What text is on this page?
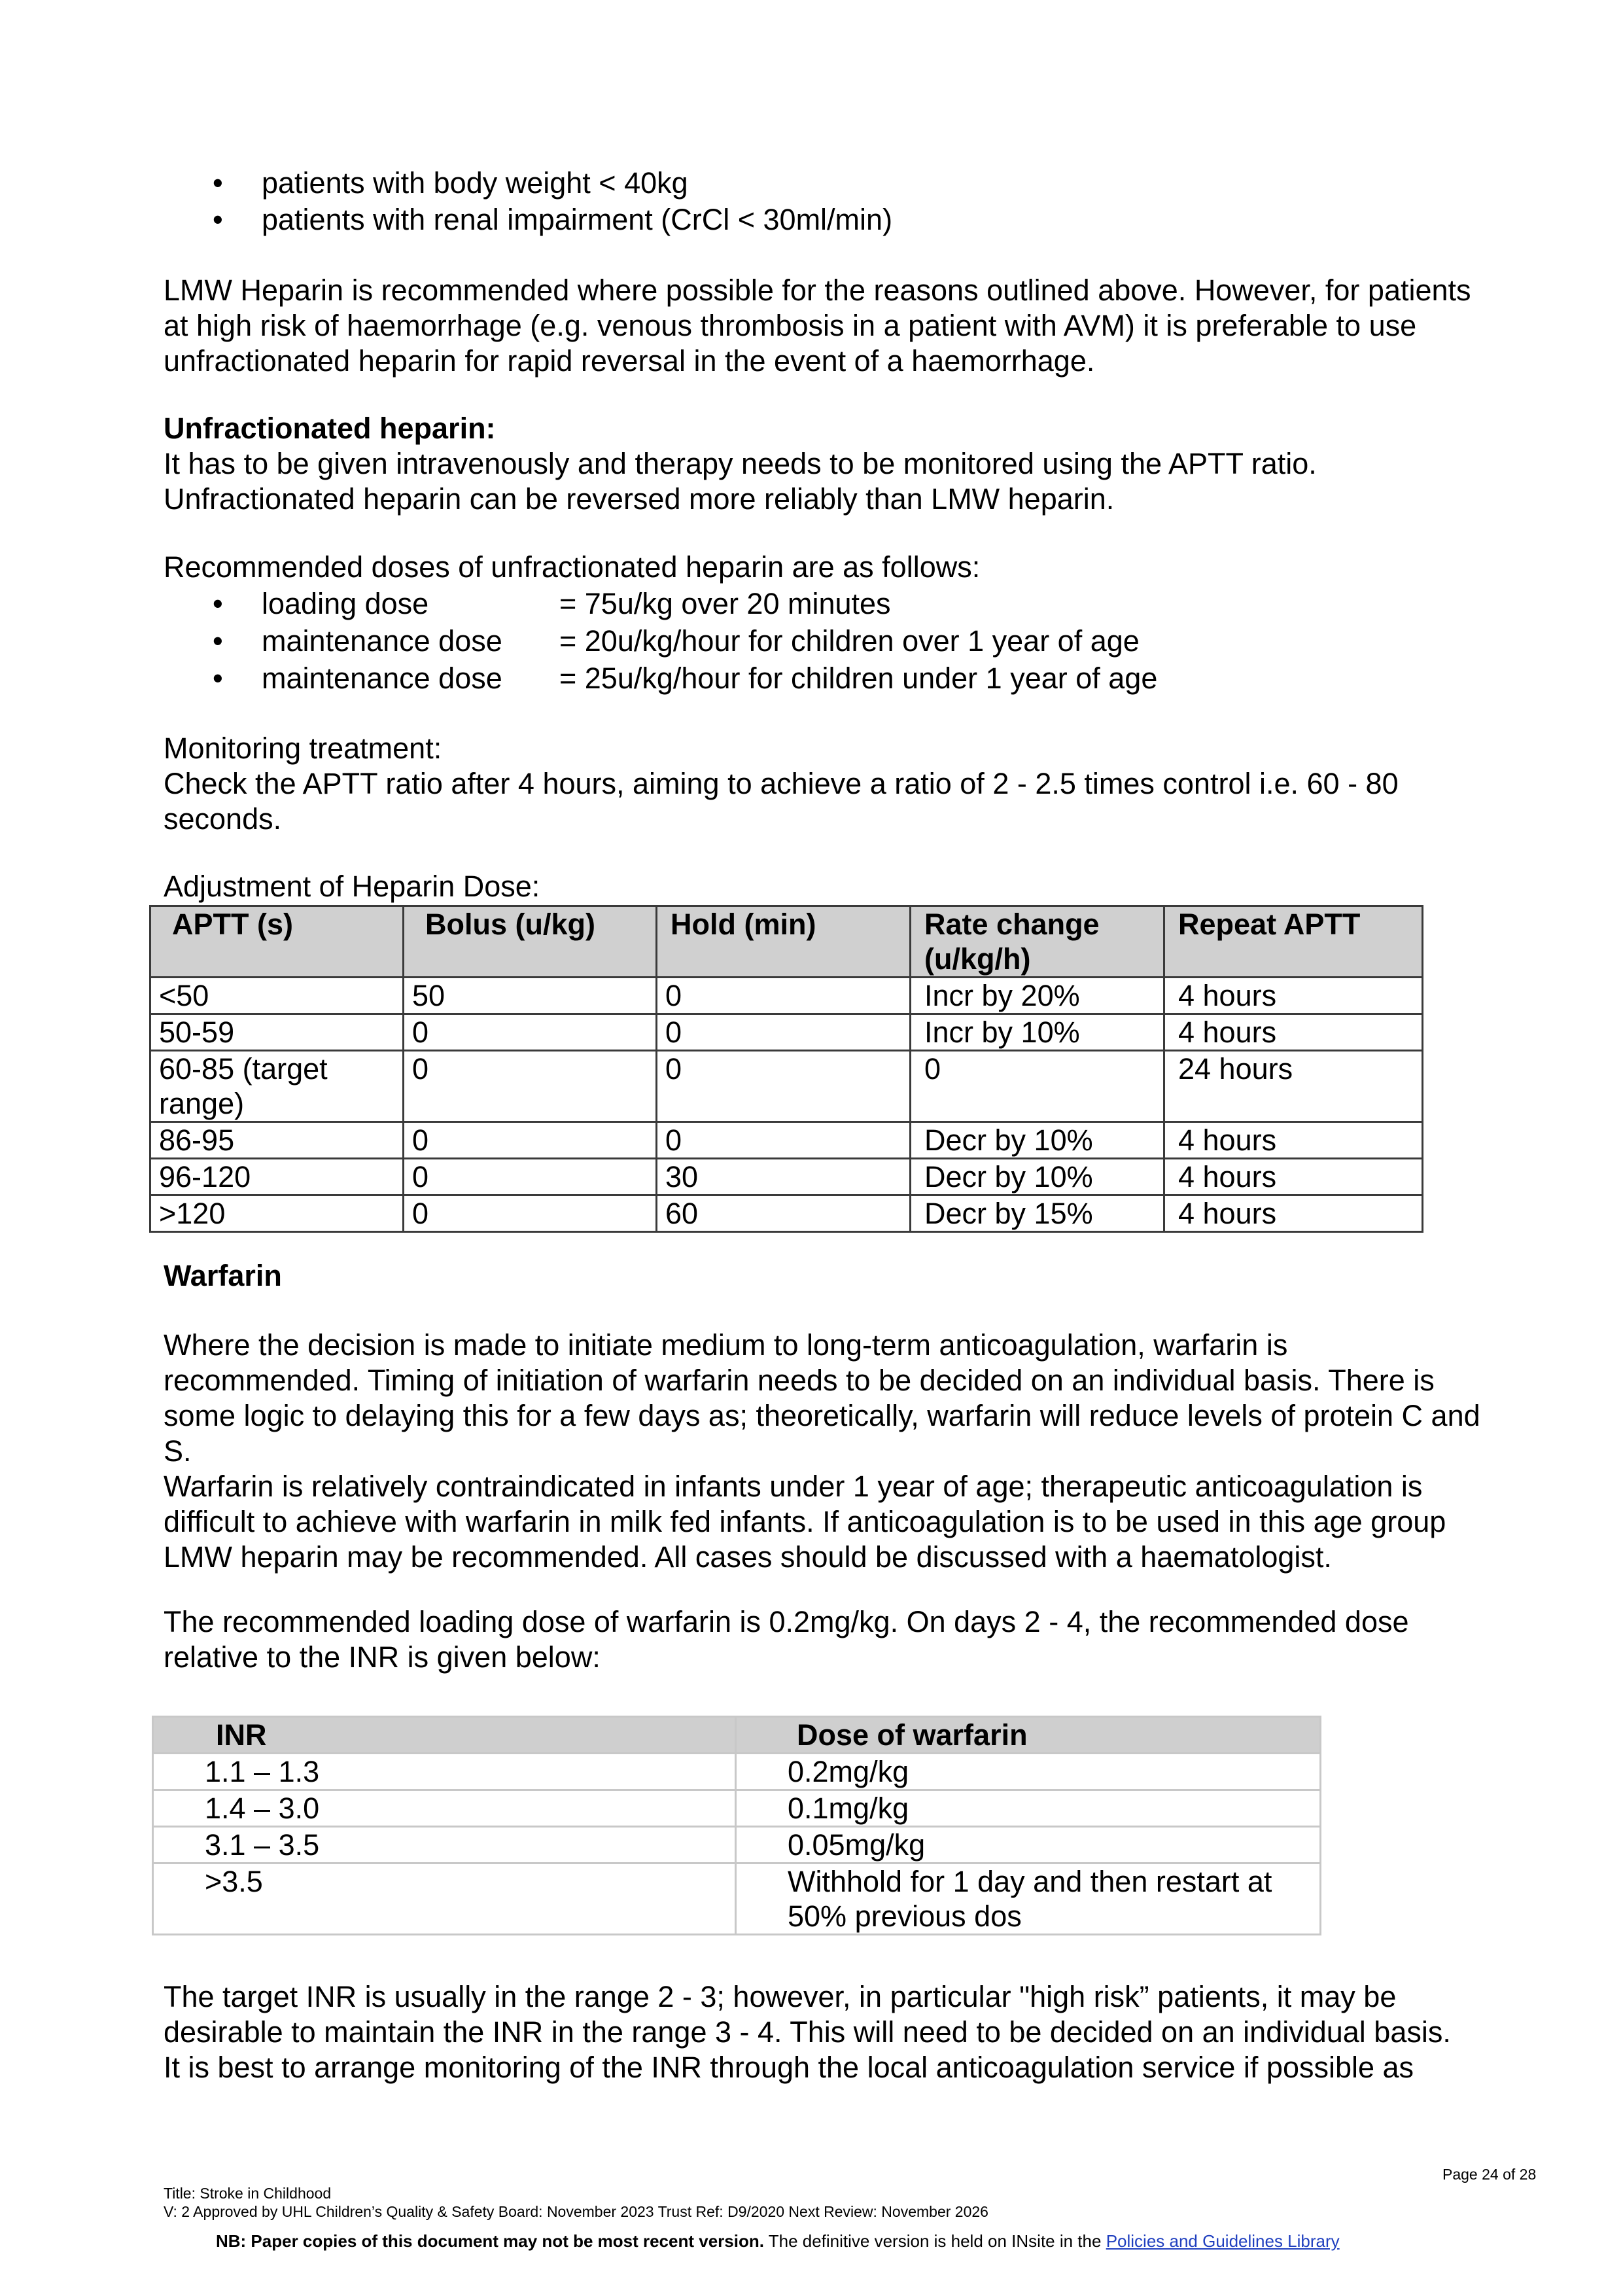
• patients with body weight < 40kg
• patients with renal impairment (CrCl < 30ml/min)

LMW Heparin is recommended where possible for the reasons outlined above. However, for patients at high risk of haemorrhage (e.g. venous thrombosis in a patient with AVM) it is preferable to use unfractionated heparin for rapid reversal in the event of a haemorrhage.

Unfractionated heparin:

It has to be given intravenously and therapy needs to be monitored using the APTT ratio.

Unfractionated heparin can be reversed more reliably than LMW heparin.

Recommended doses of unfractionated heparin are as follows:

• loading dose	= 75u/kg over 20 minutes
• maintenance dose = 20u/kg/hour for children over 1 year of age
• maintenance dose = 25u/kg/hour for children under 1 year of age

Monitoring treatment:

Check the APTT ratio after 4 hours, aiming to achieve a ratio of 2 - 2.5 times control i.e. 60 - 80 seconds.

Adjustment of Heparin Dose:

APTT (s)	Bolus (u/kg)	Hold (min)	Rate change (u/kg/h)	Repeat APTT
<50	50	0	Incr by 20%	4 hours
50-59	0	0	Incr by 10%	4 hours
60-85 (target range)	0	0	0	24 hours
86-95	0	0	Decr by 10%	4 hours
96-120	0	30	Decr by 10%	4 hours
>120	0	60	Decr by 15%	4 hours

Warfarin

Where the decision is made to initiate medium to long-term anticoagulation, warfarin is recommended. Timing of initiation of warfarin needs to be decided on an individual basis. There is some logic to delaying this for a few days as; theoretically, warfarin will reduce levels of protein C and S.

Warfarin is relatively contraindicated in infants under 1 year of age; therapeutic anticoagulation is difficult to achieve with warfarin in milk fed infants. If anticoagulation is to be used in this age group LMW heparin may be recommended. All cases should be discussed with a haematologist.

The recommended loading dose of warfarin is 0.2mg/kg. On days 2 - 4, the recommended dose relative to the INR is given below:

INR	Dose of warfarin
1.1 – 1.3	0.2mg/kg
1.4 – 3.0	0.1mg/kg
3.1 – 3.5	0.05mg/kg
>3.5	Withhold for 1 day and then restart at 50% previous dos

The target INR is usually in the range 2 - 3; however, in particular "high risk” patients, it may be desirable to maintain the INR in the range 3 - 4. This will need to be decided on an individual basis.

It is best to arrange monitoring of the INR through the local anticoagulation service if possible as

Page 24 of 28
Title: Stroke in Childhood
V: 2 Approved by UHL Children’s Quality & Safety Board: November 2023 Trust Ref: D9/2020 Next Review: November 2026
NB: Paper copies of this document may not be most recent version. The definitive version is held on INsite in the Policies and Guidelines Library
